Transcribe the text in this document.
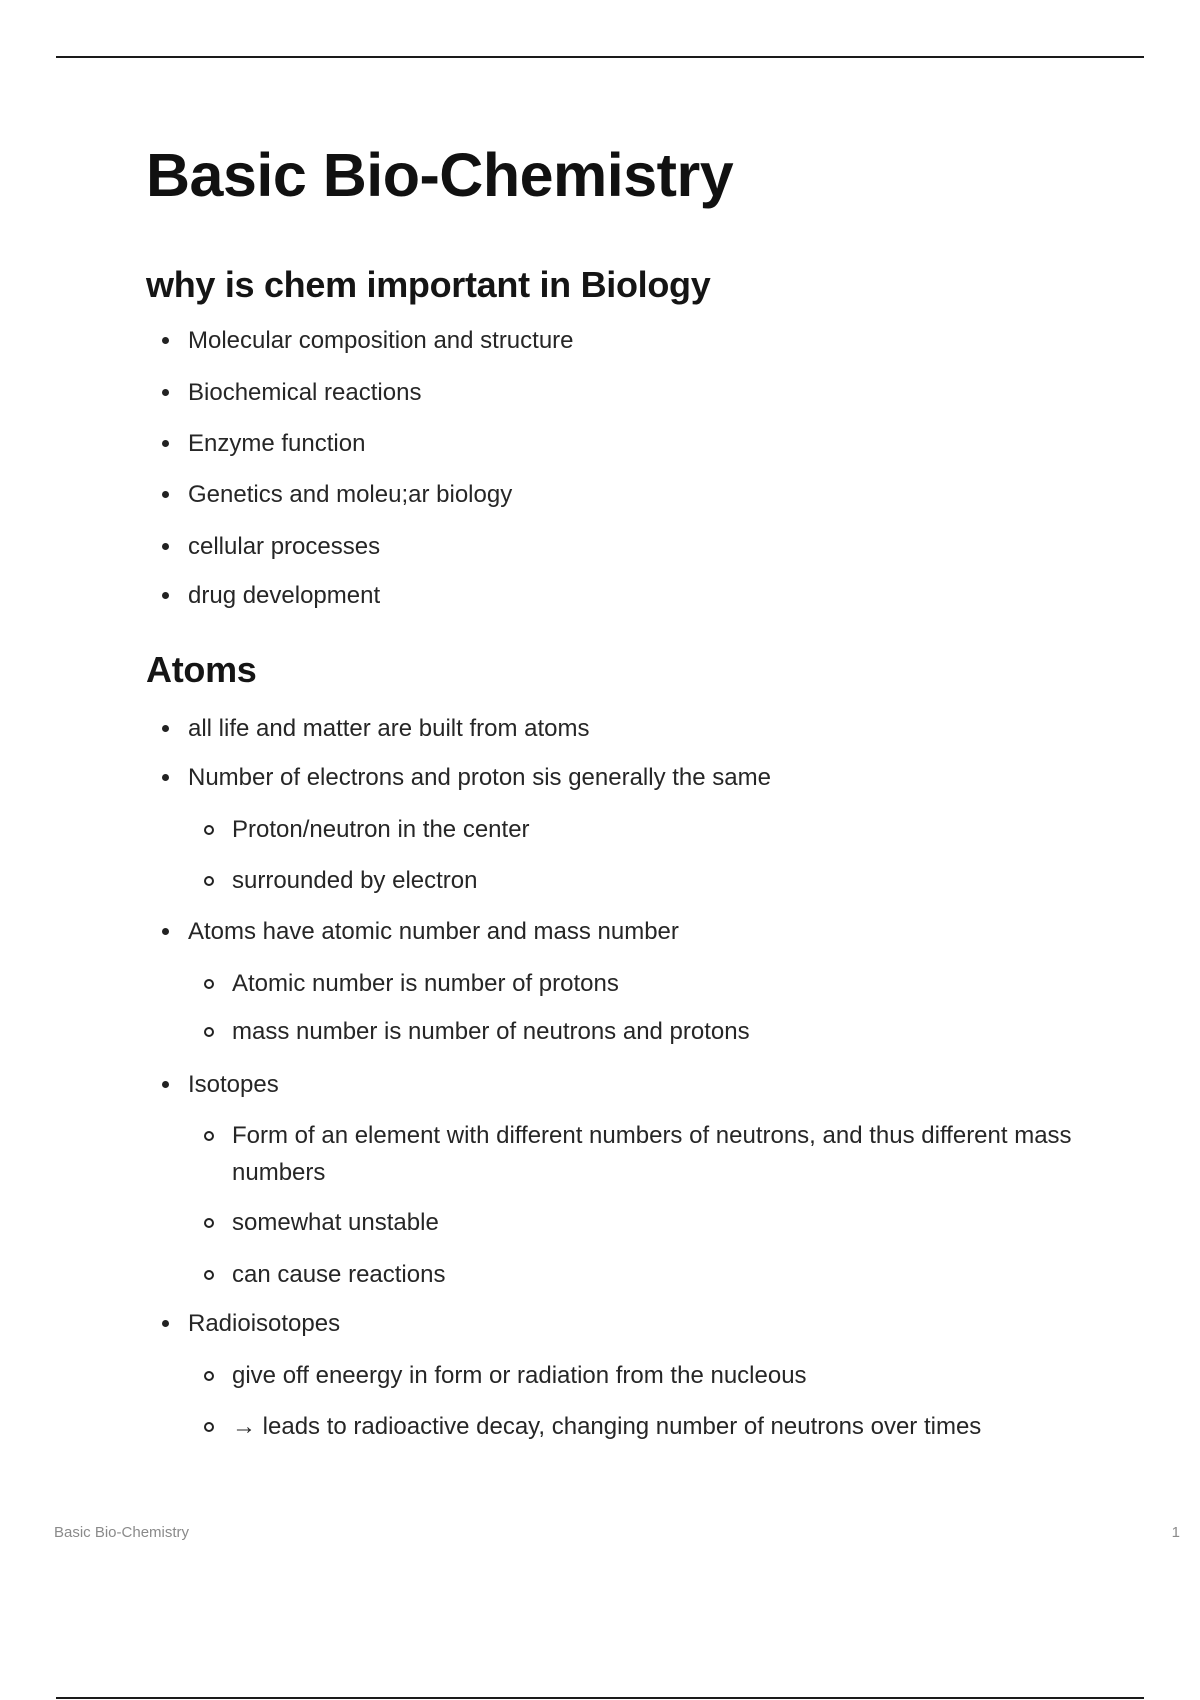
Basic Bio-Chemistry
why is chem important in Biology
Molecular composition and structure
Biochemical reactions
Enzyme function
Genetics and moleu;ar biology
cellular processes
drug development
Atoms
all life and matter are built from atoms
Number of electrons and proton sis generally the same
Proton/neutron in the center
surrounded by electron
Atoms have atomic number and mass number
Atomic number is number of protons
mass number is number of neutrons and protons
Isotopes
Form of an element with different numbers of neutrons, and thus different mass numbers
somewhat unstable
can cause reactions
Radioisotopes
give off eneergy in form or radiation from the nucleous
→ leads to radioactive decay, changing number of neutrons over times
Basic Bio-Chemistry	1
